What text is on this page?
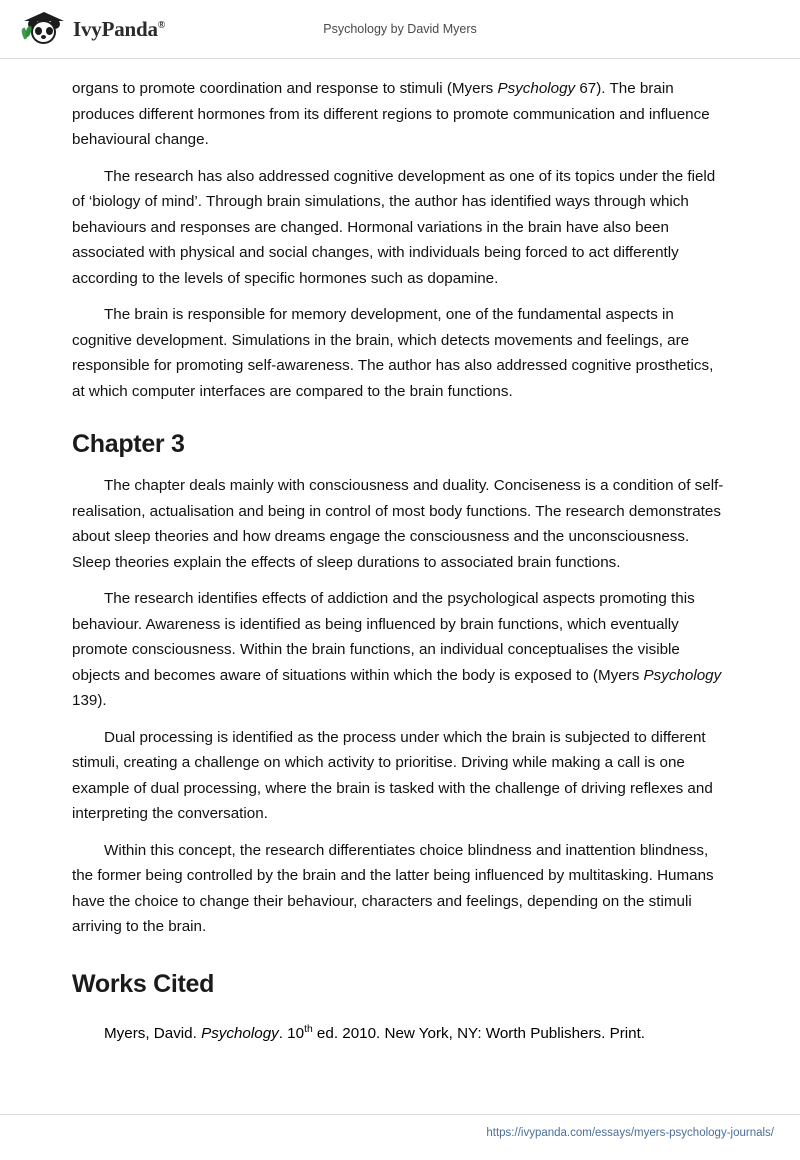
IvyPanda®	Psychology by David Myers

organs to promote coordination and response to stimuli (Myers Psychology 67). The brain produces different hormones from its different regions to promote communication and influence behavioural change.

The research has also addressed cognitive development as one of its topics under the field of ‘biology of mind’. Through brain simulations, the author has identified ways through which behaviours and responses are changed. Hormonal variations in the brain have also been associated with physical and social changes, with individuals being forced to act differently according to the levels of specific hormones such as dopamine.

The brain is responsible for memory development, one of the fundamental aspects in cognitive development. Simulations in the brain, which detects movements and feelings, are responsible for promoting self-awareness. The author has also addressed cognitive prosthetics, at which computer interfaces are compared to the brain functions.

Chapter 3

The chapter deals mainly with consciousness and duality. Conciseness is a condition of self-realisation, actualisation and being in control of most body functions. The research demonstrates about sleep theories and how dreams engage the consciousness and the unconsciousness. Sleep theories explain the effects of sleep durations to associated brain functions.

The research identifies effects of addiction and the psychological aspects promoting this behaviour. Awareness is identified as being influenced by brain functions, which eventually promote consciousness. Within the brain functions, an individual conceptualises the visible objects and becomes aware of situations within which the body is exposed to (Myers Psychology 139).

Dual processing is identified as the process under which the brain is subjected to different stimuli, creating a challenge on which activity to prioritise. Driving while making a call is one example of dual processing, where the brain is tasked with the challenge of driving reflexes and interpreting the conversation.

Within this concept, the research differentiates choice blindness and inattention blindness, the former being controlled by the brain and the latter being influenced by multitasking. Humans have the choice to change their behaviour, characters and feelings, depending on the stimuli arriving to the brain.

Works Cited

Myers, David. Psychology. 10th ed. 2010. New York, NY: Worth Publishers. Print.

https://ivypanda.com/essays/myers-psychology-journals/
